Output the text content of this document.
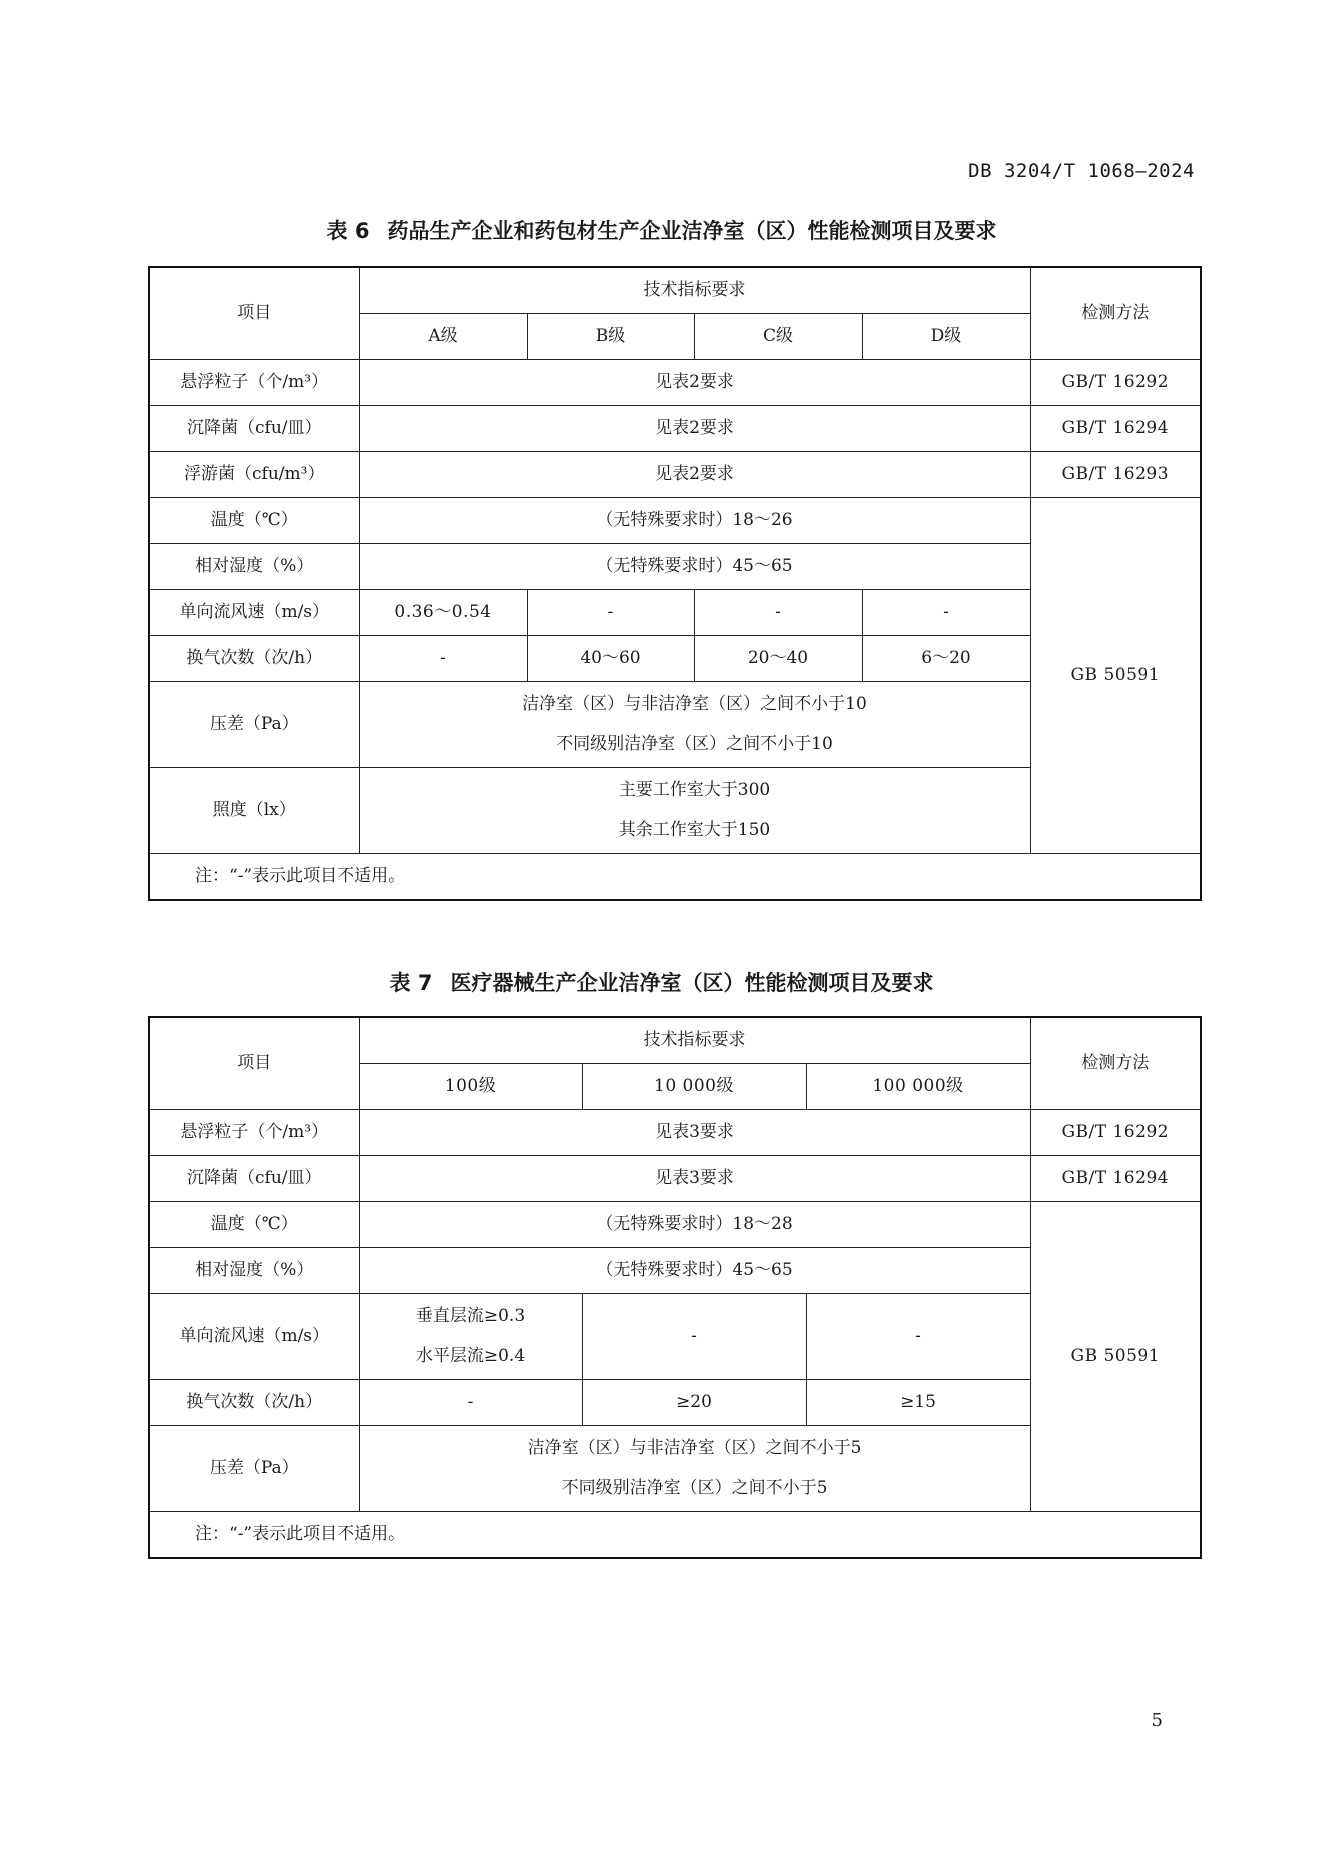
DB 3204/T 1068—2024
表 6 药品生产企业和药包材生产企业洁净室（区）性能检测项目及要求
项目	技术指标要求				检测方法
	A级	B级	C级	D级	
悬浮粒子（个/m³）	见表2要求				GB/T 16292
沉降菌（cfu/皿）	见表2要求				GB/T 16294
浮游菌（cfu/m³）	见表2要求				GB/T 16293
温度（℃）	（无特殊要求时）18～26				GB 50591
相对湿度（%）	（无特殊要求时）45～65				
单向流风速（m/s）	0.36～0.54	-	-	-	
换气次数（次/h）	-	40～60	20～40	6～20	
压差（Pa）	洁净室（区）与非洁净室（区）之间不小于10
不同级别洁净室（区）之间不小于10				

照度（lx）	主要工作室大于300
其余工作室大于150				

注：“-”表示此项目不适用。					
表 7 医疗器械生产企业洁净室（区）性能检测项目及要求
项目	技术指标要求			检测方法
	100级	10 000级	100 000级	
悬浮粒子（个/m³）	见表3要求			GB/T 16292
沉降菌（cfu/皿）	见表3要求			GB/T 16294
温度（℃）	（无特殊要求时）18～28			GB 50591
相对湿度（%）	（无特殊要求时）45～65			
单向流风速（m/s）	垂直层流≥0.3
水平层流≥0.4	-	-	
换气次数（次/h）	-	≥20	≥15	
压差（Pa）	洁净室（区）与非洁净室（区）之间不小于5
不同级别洁净室（区）之间不小于5			

注：“-”表示此项目不适用。				
5
